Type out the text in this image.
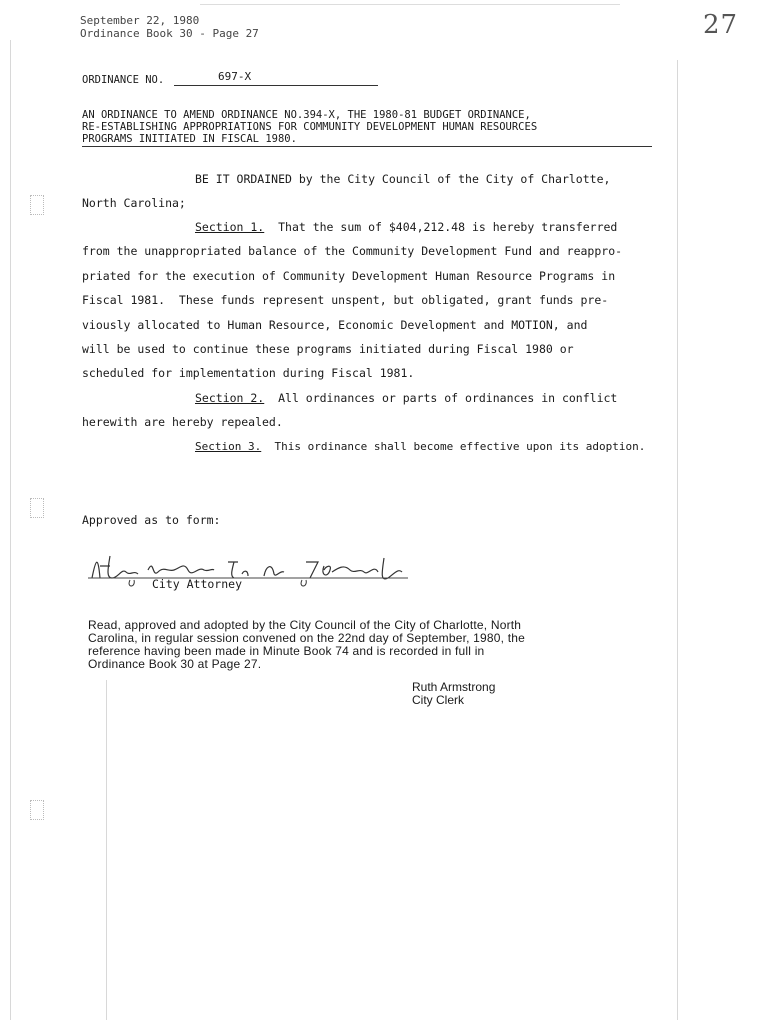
September 22, 1980
Ordinance Book 30 - Page 27	27
ORDINANCE NO.	697-X
AN ORDINANCE TO AMEND ORDINANCE NO.394-X, THE 1980-81 BUDGET ORDINANCE,
RE-ESTABLISHING APPROPRIATIONS FOR COMMUNITY DEVELOPMENT HUMAN RESOURCES
PROGRAMS INITIATED IN FISCAL 1980.
BE IT ORDAINED by the City Council of the City of Charlotte,
North Carolina;
Section 1.  That the sum of $404,212.48 is hereby transferred
from the unappropriated balance of the Community Development Fund and reappro-
priated for the execution of Community Development Human Resource Programs in
Fiscal 1981.  These funds represent unspent, but obligated, grant funds pre-
viously allocated to Human Resource, Economic Development and MOTION, and
will be used to continue these programs initiated during Fiscal 1980 or
scheduled for implementation during Fiscal 1981.
Section 2.  All ordinances or parts of ordinances in conflict
herewith are hereby repealed.
Section 3.  This ordinance shall become effective upon its adoption.
Approved as to form:
City Attorney
Read, approved and adopted by the City Council of the City of Charlotte, North
Carolina, in regular session convened on the 22nd day of September, 1980, the
reference having been made in Minute Book 74 and is recorded in full in
Ordinance Book 30 at Page 27.
Ruth Armstrong
City Clerk
